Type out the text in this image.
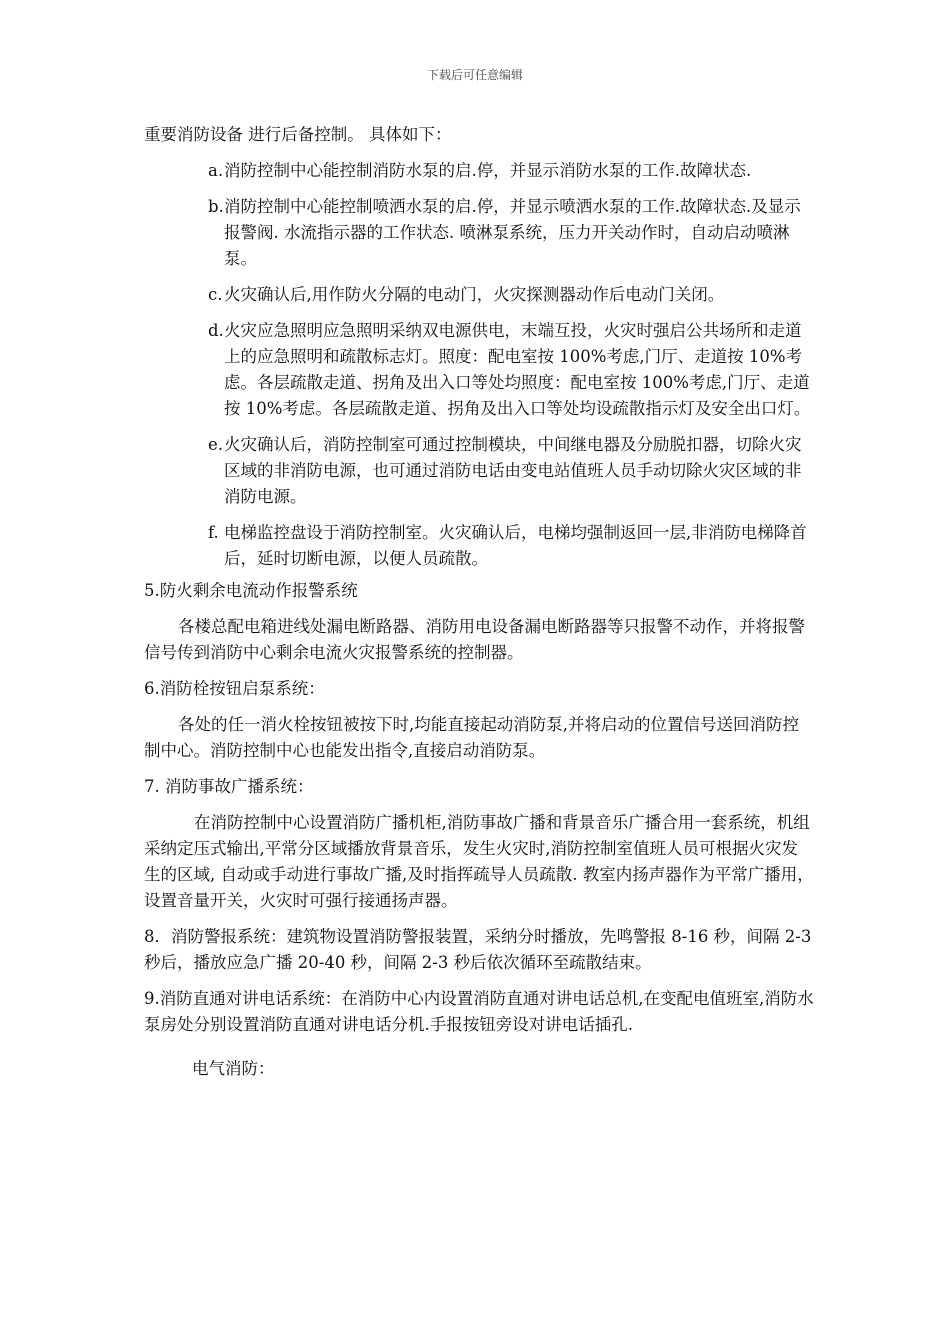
下载后可任意编辑

重要消防设备 进行后备控制。 具体如下：

a. 消防控制中心能控制消防水泵的启.停，并显示消防水泵的工作.故障状态.
b. 消防控制中心能控制喷洒水泵的启.停，并显示喷洒水泵的工作.故障状态.及显示报警阀. 水流指示器的工作状态. 喷淋泵系统，压力开关动作时，自动启动喷淋泵。
c. 火灾确认后,用作防火分隔的电动门，火灾探测器动作后电动门关闭。
d. 火灾应急照明应急照明采纳双电源供电，末端互投，火灾时强启公共场所和走道上的应急照明和疏散标志灯。照度：配电室按 100%考虑,门厅、走道按 10%考虑。各层疏散走道、拐角及出入口等处均照度：配电室按 100%考虑,门厅、走道按 10%考虑。各层疏散走道、拐角及出入口等处均设疏散指示灯及安全出口灯。
e. 火灾确认后，消防控制室可通过控制模块，中间继电器及分励脱扣器，切除火灾区域的非消防电源，也可通过消防电话由变电站值班人员手动切除火灾区域的非消防电源。
f. 电梯监控盘设于消防控制室。火灾确认后，电梯均强制返回一层,非消防电梯降首后，延时切断电源，以便人员疏散。

5.防火剩余电流动作报警系统

各楼总配电箱进线处漏电断路器、消防用电设备漏电断路器等只报警不动作，并将报警信号传到消防中心剩余电流火灾报警系统的控制器。

6.消防栓按钮启泵系统：

各处的任一消火栓按钮被按下时,均能直接起动消防泵,并将启动的位置信号送回消防控制中心。消防控制中心也能发出指令,直接启动消防泵。

7. 消防事故广播系统：

在消防控制中心设置消防广播机柜,消防事故广播和背景音乐广播合用一套系统，机组采纳定压式输出,平常分区域播放背景音乐，发生火灾时,消防控制室值班人员可根据火灾发生的区域, 自动或手动进行事故广播,及时指挥疏导人员疏散. 教室内扬声器作为平常广播用，设置音量开关，火灾时可强行接通扬声器。

8．消防警报系统：建筑物设置消防警报装置，采纳分时播放，先鸣警报 8-16 秒，间隔 2-3 秒后，播放应急广播 20-40 秒，间隔 2-3 秒后依次循环至疏散结束。

9.消防直通对讲电话系统：在消防中心内设置消防直通对讲电话总机,在变配电值班室,消防水泵房处分别设置消防直通对讲电话分机.手报按钮旁设对讲电话插孔.

电气消防：
